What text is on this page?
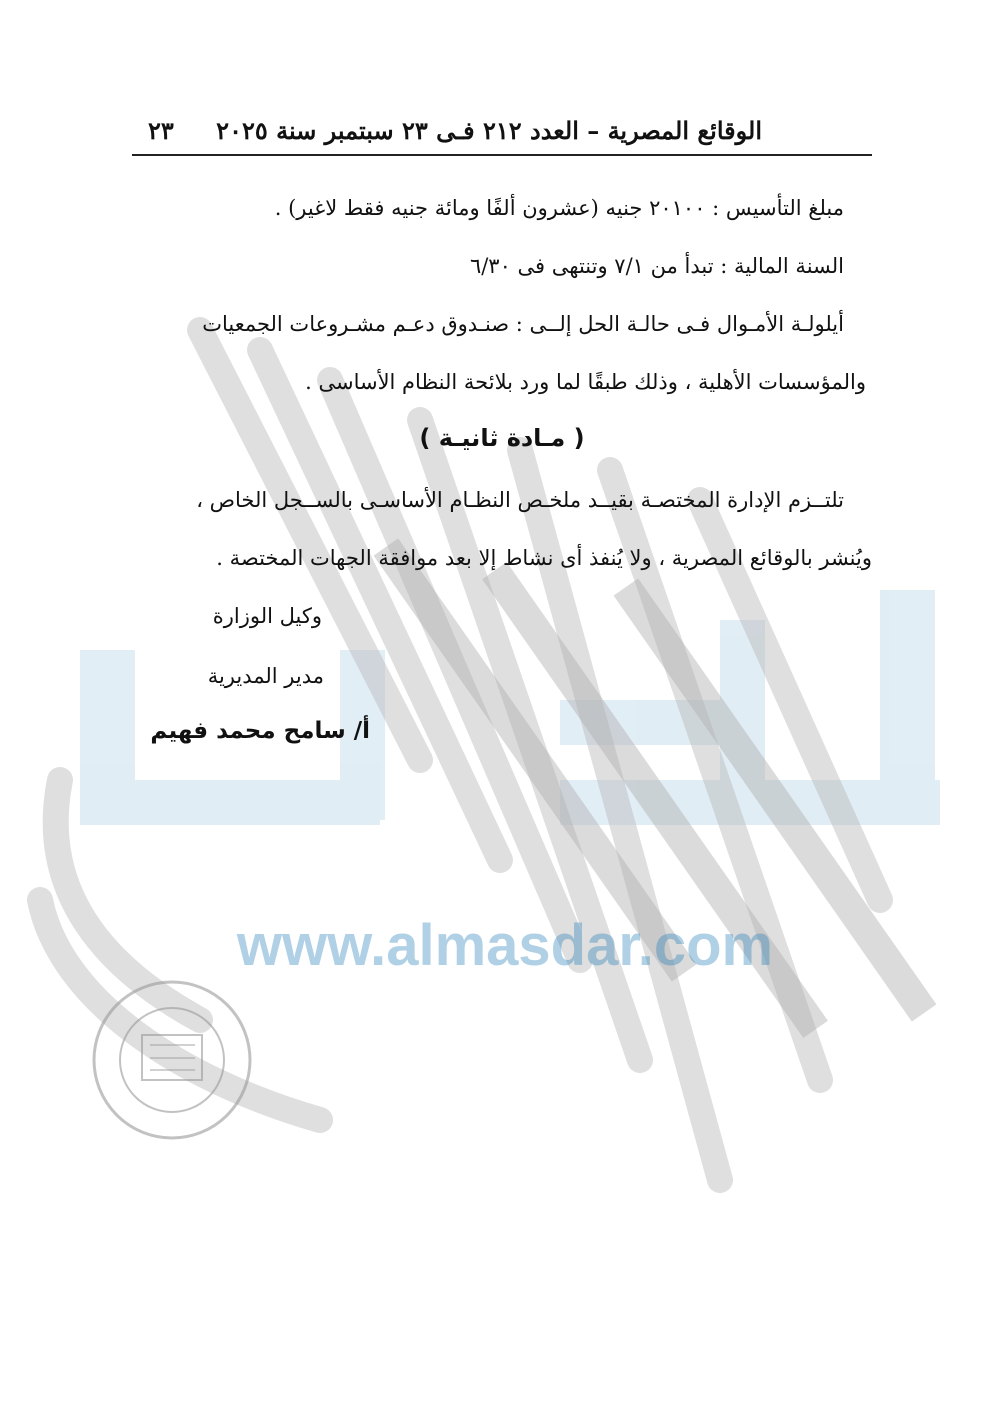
www.almasdar.com
الوقائع المصرية – العدد ٢١٢ فـى ٢٣ سبتمبر سنة ٢٠٢٥
٢٣
مبلغ التأسيس : ٢٠١٠٠ جنيه (عشرون ألفًا ومائة جنيه فقط لاغير) .
السنة المالية : تبدأ من ٧/١ وتنتهى فى ٦/٣٠
أيلولـة الأمـوال فـى حالـة الحل إلــى : صنـدوق دعـم مشـروعات الجمعيات
والمؤسسات الأهلية ، وذلك طبقًا لما ورد بلائحة النظام الأساسى .
( مـادة ثانيـة )
تلتــزم الإدارة المختصـة بقيــد ملخـص النظـام الأساسـى بالســجل الخاص ،
ويُنشر بالوقائع المصرية ، ولا يُنفذ أى نشاط إلا بعد موافقة الجهات المختصة .
وكيل الوزارة
مدير المديرية
أ/ سامح محمد فهيم
